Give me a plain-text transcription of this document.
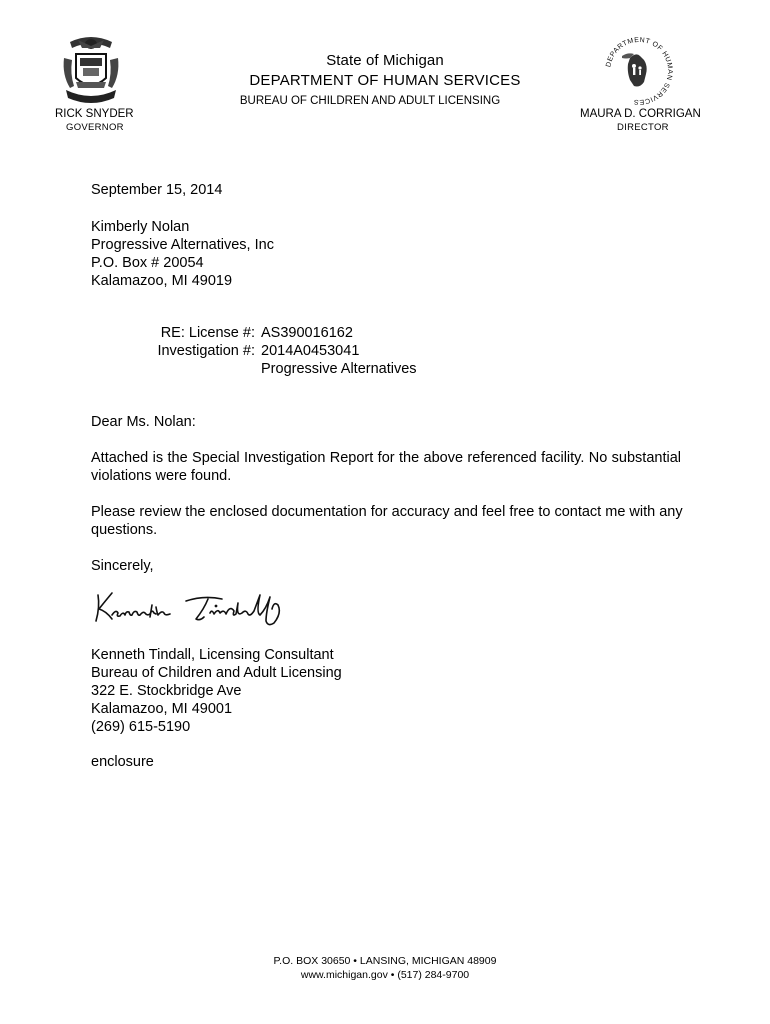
DEPARTMENT OF HUMAN SERVICES
State of Michigan
DEPARTMENT OF HUMAN SERVICES
BUREAU OF CHILDREN AND ADULT LICENSING
RICK SNYDER
GOVERNOR
MAURA D. CORRIGAN
DIRECTOR
September 15, 2014
Kimberly Nolan
Progressive Alternatives, Inc
P.O. Box # 20054
Kalamazoo, MI 49019
RE: License #: AS390016162
Investigation #: 2014A0453041
Progressive Alternatives
Dear Ms. Nolan:
Attached is the Special Investigation Report for the above referenced facility. No substantial violations were found.
Please review the enclosed documentation for accuracy and feel free to contact me with any questions.
Sincerely,
Kenneth Tindall, Licensing Consultant
Bureau of Children and Adult Licensing
322 E. Stockbridge Ave
Kalamazoo, MI 49001
(269) 615-5190
enclosure
P.O. BOX 30650 • LANSING, MICHIGAN 48909
www.michigan.gov • (517) 284-9700
